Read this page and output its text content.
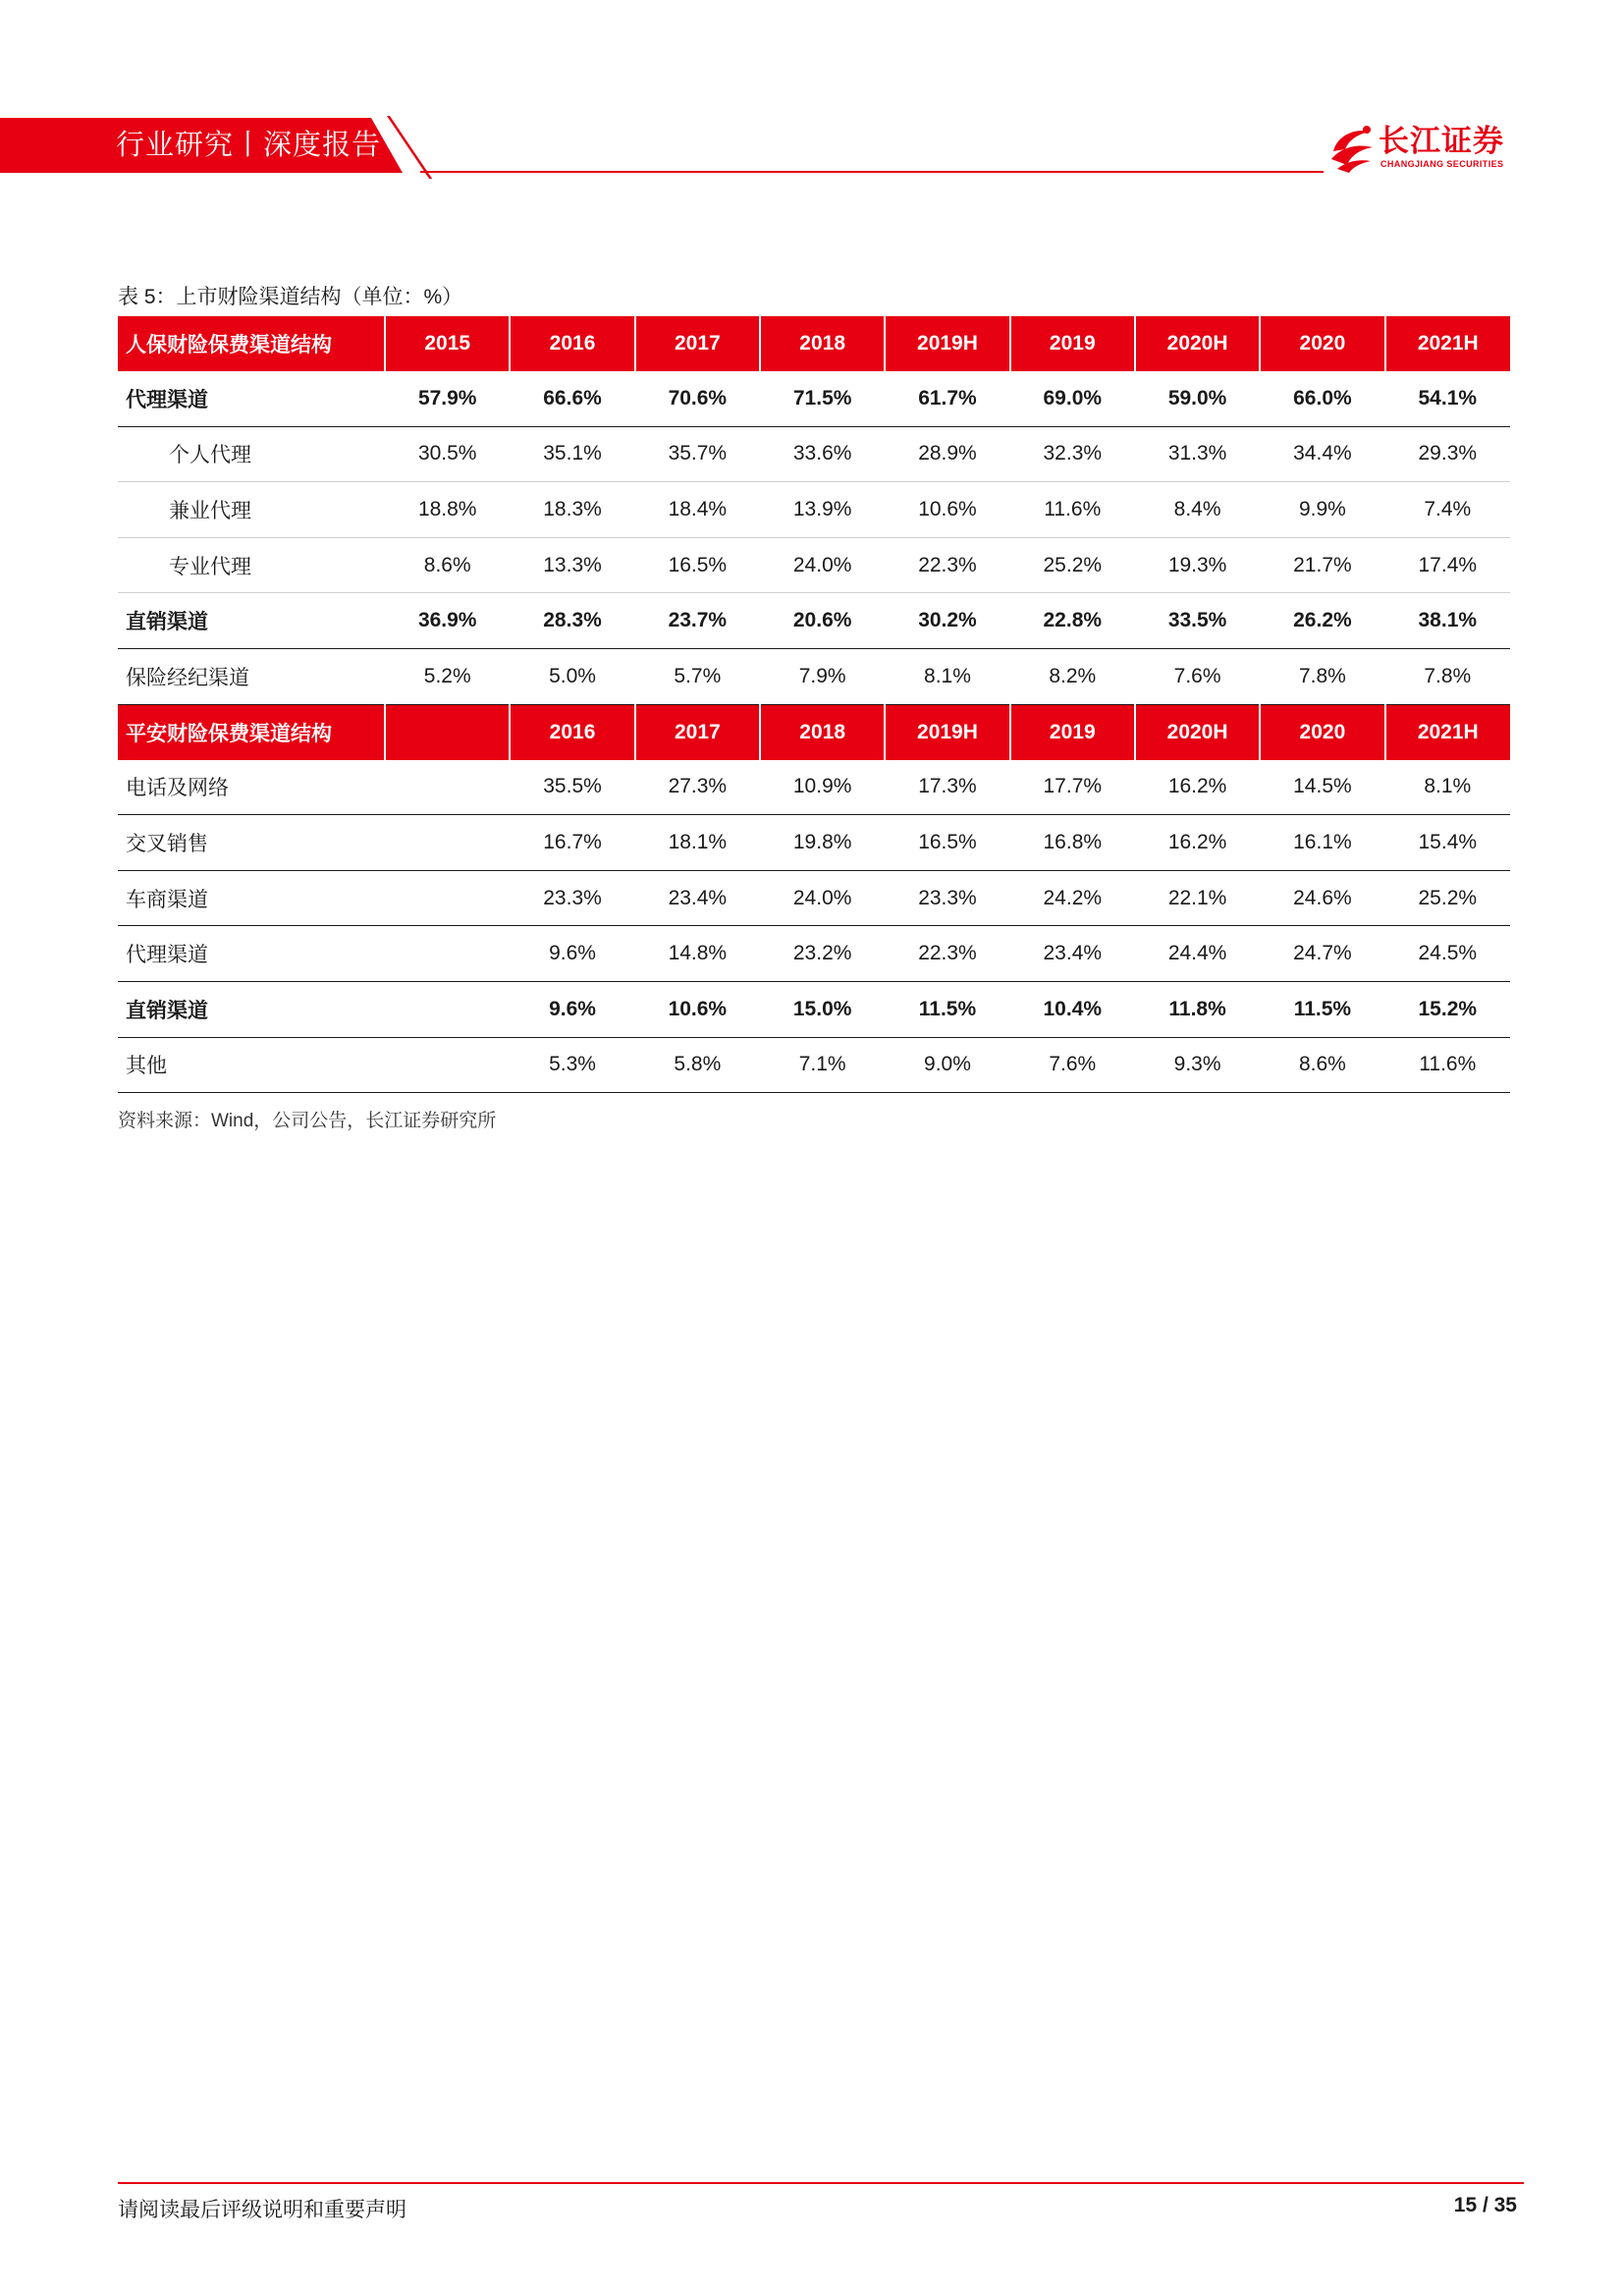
行业研究丨深度报告	长江证券
CHANGJIANG SECURITIES
表 5：上市财险渠道结构（单位：%）
人保财险保费渠道结构	2015	2016	2017	2018	2019H	2019	2020H	2020	2021H
代理渠道	57.9%	66.6%	70.6%	71.5%	61.7%	69.0%	59.0%	66.0%	54.1%
个人代理	30.5%	35.1%	35.7%	33.6%	28.9%	32.3%	31.3%	34.4%	29.3%
兼业代理	18.8%	18.3%	18.4%	13.9%	10.6%	11.6%	8.4%	9.9%	7.4%
专业代理	8.6%	13.3%	16.5%	24.0%	22.3%	25.2%	19.3%	21.7%	17.4%
直销渠道	36.9%	28.3%	23.7%	20.6%	30.2%	22.8%	33.5%	26.2%	38.1%
保险经纪渠道	5.2%	5.0%	5.7%	7.9%	8.1%	8.2%	7.6%	7.8%	7.8%
平安财险保费渠道结构		2016	2017	2018	2019H	2019	2020H	2020	2021H
电话及网络		35.5%	27.3%	10.9%	17.3%	17.7%	16.2%	14.5%	8.1%
交叉销售		16.7%	18.1%	19.8%	16.5%	16.8%	16.2%	16.1%	15.4%
车商渠道		23.3%	23.4%	24.0%	23.3%	24.2%	22.1%	24.6%	25.2%
代理渠道		9.6%	14.8%	23.2%	22.3%	23.4%	24.4%	24.7%	24.5%
直销渠道		9.6%	10.6%	15.0%	11.5%	10.4%	11.8%	11.5%	15.2%
其他		5.3%	5.8%	7.1%	9.0%	7.6%	9.3%	8.6%	11.6%
资料来源：Wind，公司公告，长江证券研究所
请阅读最后评级说明和重要声明	15 / 35
